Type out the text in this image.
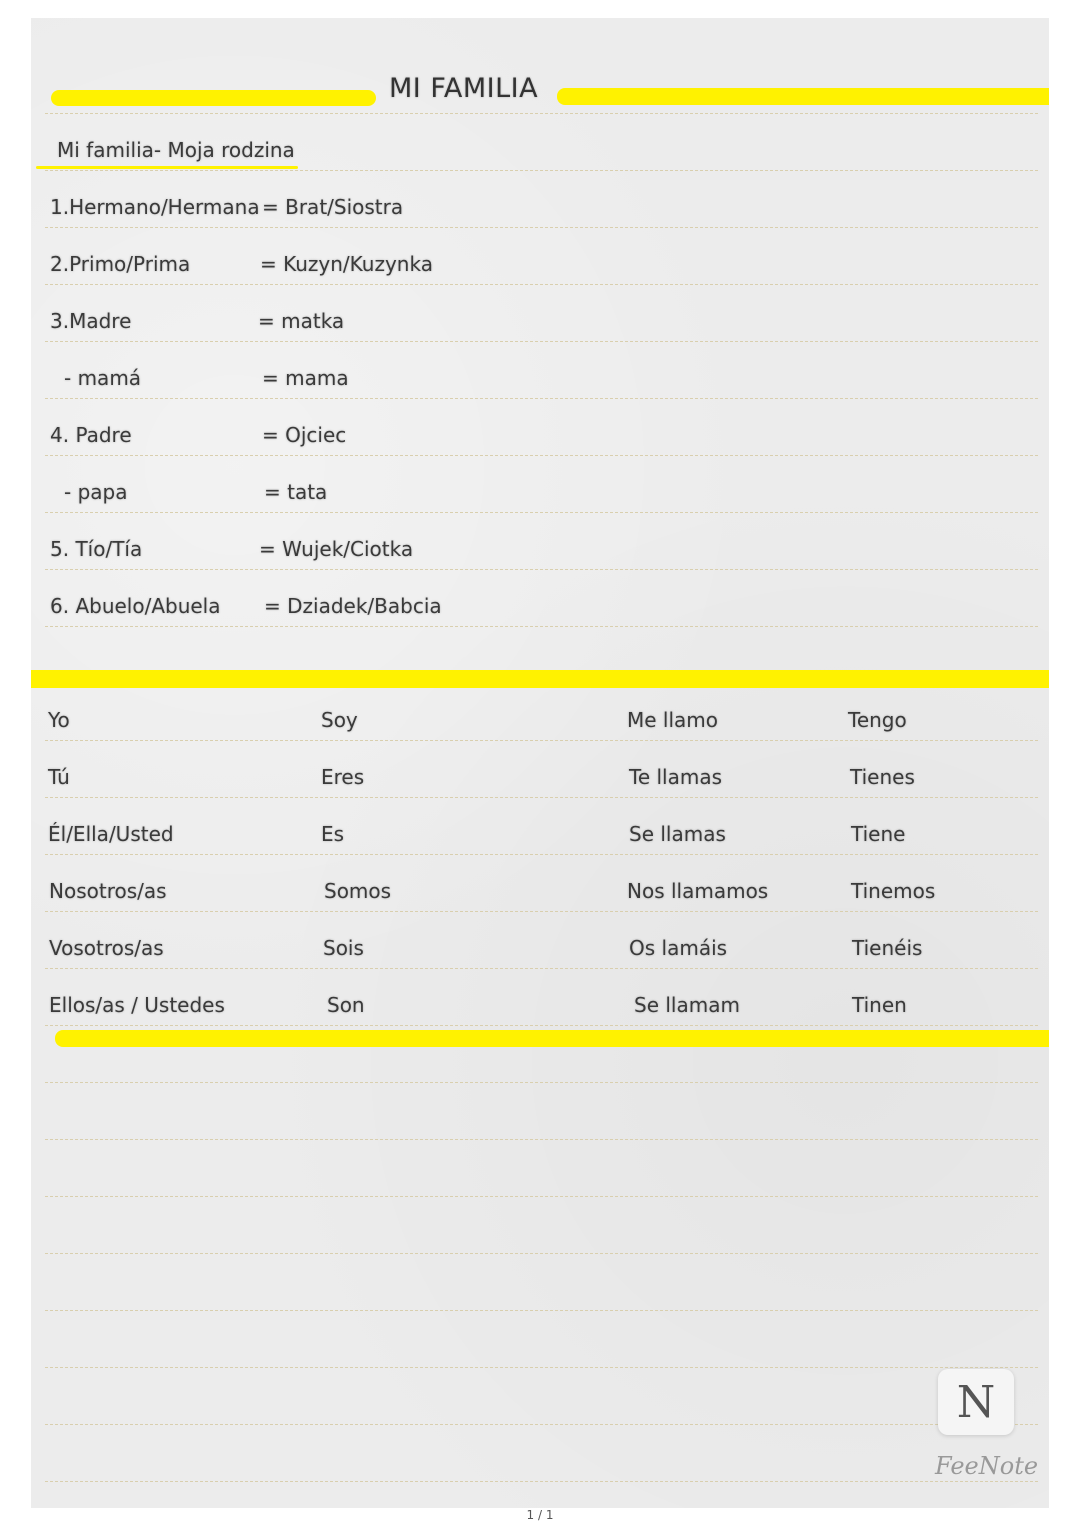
MI FAMILIA
Mi familia- Moja rodzina
1.Hermano/Hermana = Brat/Siostra
2.Primo/Prima	= Kuzyn/Kuzynka
3.Madre	= matka
- mamá	= mama
4. Padre	= Ojciec
- papa	= tata
5. Tío/Tía	= Wujek/Ciotka
6. Abuelo/Abuela = Dziadek/Babcia
Yo	Soy	Me llamo	Tengo
Tú	Eres	Te llamas	Tienes
Él/Ella/Usted	Es	Se llamas	Tiene
Nosotros/as	Somos	Nos llamamos	Tinemos
Vosotros/as	Sois	Os lamáis	Tienéis
Ellos/as / Ustedes	Son	Se llamam	Tinen
N
FeeNote
1 / 1
